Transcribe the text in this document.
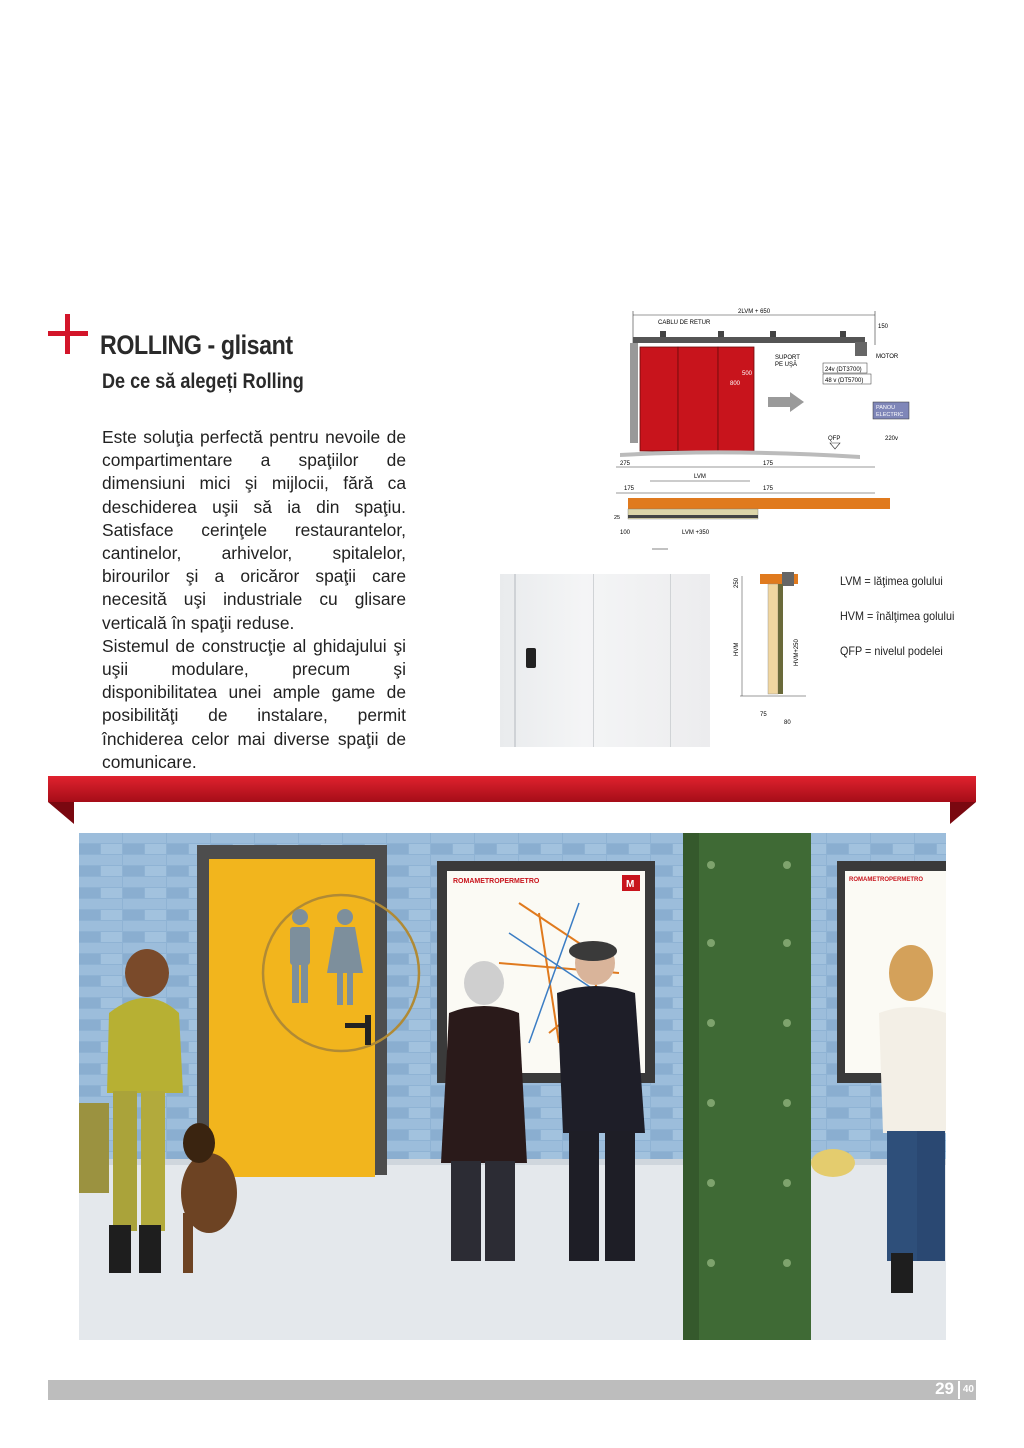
ROLLING - glisant
De ce să alegeți Rolling

Este soluţia perfectă pentru nevoile de compartimentare a spaţiilor de dimensiuni mici şi mijlocii, fără ca deschiderea uşii să ia din spaţiu. Satisface cerinţele restaurantelor, cantinelor, arhivelor, spitalelor, birourilor şi a oricăror spaţii care necesită uşi industriale cu glisare verticală în spaţii reduse.

Sistemul de construcţie al ghidajului şi uşii modulare, precum şi disponibilitatea unei ample game de posibilităţi de instalare, permit închiderea celor mai diverse spaţii de comunicare.

2LVM + 650
CABLU DE RETUR
150
MOTOR
500
800
SUPORT
PE UŞĂ
24v (DT3700)
48 v (DT5700)
PANOU
ELECTRIC
QFP	220v
275	175
LVM
175	175
25
100	LVM +350
250
HVM	HVM+250
75
80
LVM = lăţimea golului
HVM = înălţimea golului
QFP = nivelul podelei
ROMAMETROPERMETRO	M	ROMAMETROPERMETRO
29 40
